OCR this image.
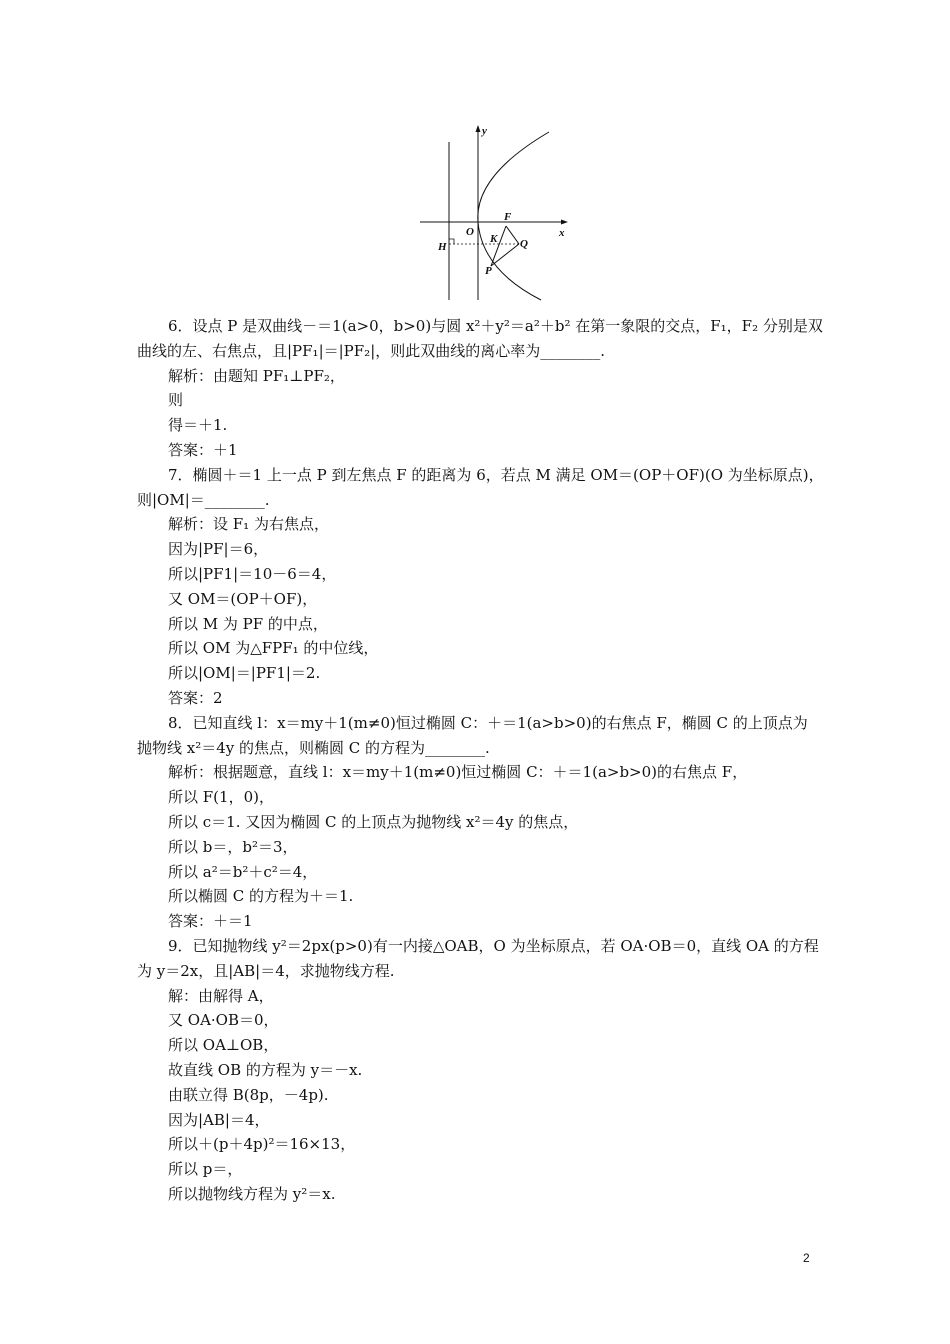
y
x
O
F
K Q
H
P
6．设点 P 是双曲线－＝1(a>0，b>0)与圆 x²＋y²＝a²＋b² 在第一象限的交点，F₁，F₂ 分别是双
曲线的左、右焦点，且|PF₁|＝|PF₂|，则此双曲线的离心率为________.
解析：由题知 PF₁⊥PF₂，
则
得＝＋1.
答案：＋1
7．椭圆＋＝1 上一点 P 到左焦点 F 的距离为 6，若点 M 满足 OM＝(OP＋OF)(O 为坐标原点)，
则|OM|＝________.
解析：设 F₁ 为右焦点，
因为|PF|＝6，
所以|PF1|＝10－6＝4，
又 OM＝(OP＋OF)，
所以 M 为 PF 的中点，
所以 OM 为△FPF₁ 的中位线，
所以|OM|＝|PF1|＝2.
答案：2
8．已知直线 l：x＝my＋1(m≠0)恒过椭圆 C：＋＝1(a>b>0)的右焦点 F，椭圆 C 的上顶点为
抛物线 x²＝4y 的焦点，则椭圆 C 的方程为________.
解析：根据题意，直线 l：x＝my＋1(m≠0)恒过椭圆 C：＋＝1(a>b>0)的右焦点 F，
所以 F(1，0)，
所以 c＝1. 又因为椭圆 C 的上顶点为抛物线 x²＝4y 的焦点，
所以 b＝，b²＝3，
所以 a²＝b²＋c²＝4，
所以椭圆 C 的方程为＋＝1.
答案：＋＝1
9．已知抛物线 y²＝2px(p>0)有一内接△OAB，O 为坐标原点，若 OA·OB＝0，直线 OA 的方程
为 y＝2x，且|AB|＝4，求抛物线方程.
解：由解得 A，
又 OA·OB＝0，
所以 OA⊥OB，
故直线 OB 的方程为 y＝－x.
由联立得 B(8p，－4p).
因为|AB|＝4，
所以＋(p＋4p)²＝16×13，
所以 p＝，
所以抛物线方程为 y²＝x.
2
